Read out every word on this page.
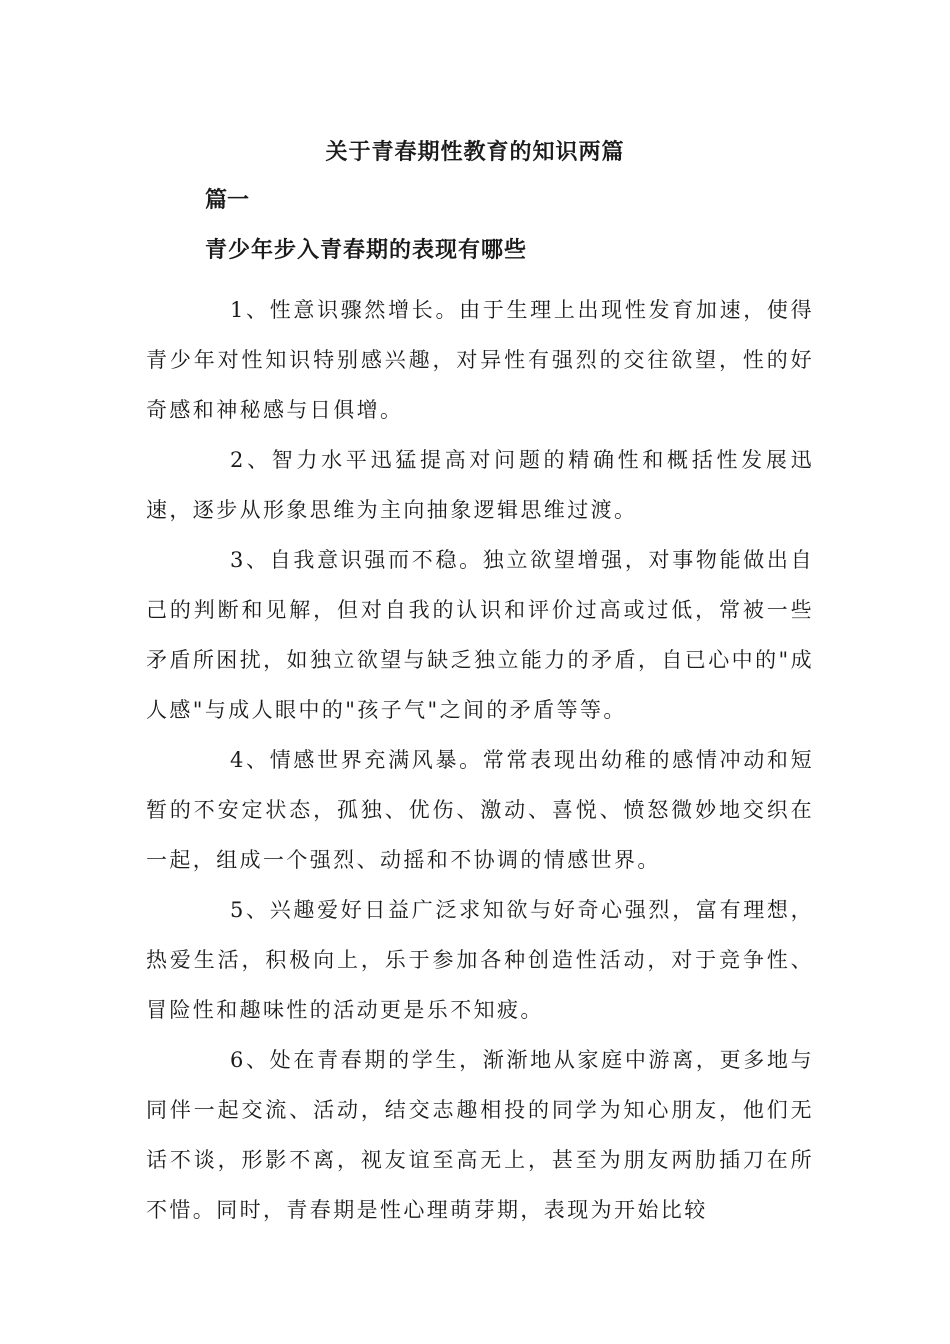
关于青春期性教育的知识两篇
篇一
青少年步入青春期的表现有哪些

1、性意识骤然增长。由于生理上出现性发育加速，使得青少年对性知识特别感兴趣，对异性有强烈的交往欲望，性的好奇感和神秘感与日俱增。

2、智力水平迅猛提高对问题的精确性和概括性发展迅速，逐步从形象思维为主向抽象逻辑思维过渡。

3、自我意识强而不稳。独立欲望增强，对事物能做出自己的判断和见解，但对自我的认识和评价过高或过低，常被一些矛盾所困扰，如独立欲望与缺乏独立能力的矛盾，自已心中的"成人感"与成人眼中的"孩子气"之间的矛盾等等。

4、情感世界充满风暴。常常表现出幼稚的感情冲动和短暂的不安定状态，孤独、优伤、激动、喜悦、愤怒微妙地交织在一起，组成一个强烈、动摇和不协调的情感世界。

5、兴趣爱好日益广泛求知欲与好奇心强烈，富有理想，热爱生活，积极向上，乐于参加各种创造性活动，对于竞争性、冒险性和趣味性的活动更是乐不知疲。

6、处在青春期的学生，渐渐地从家庭中游离，更多地与同伴一起交流、活动，结交志趣相投的同学为知心朋友，他们无话不谈，形影不离，视友谊至高无上，甚至为朋友两肋插刀在所不惜。同时，青春期是性心理萌芽期，表现为开始比较
